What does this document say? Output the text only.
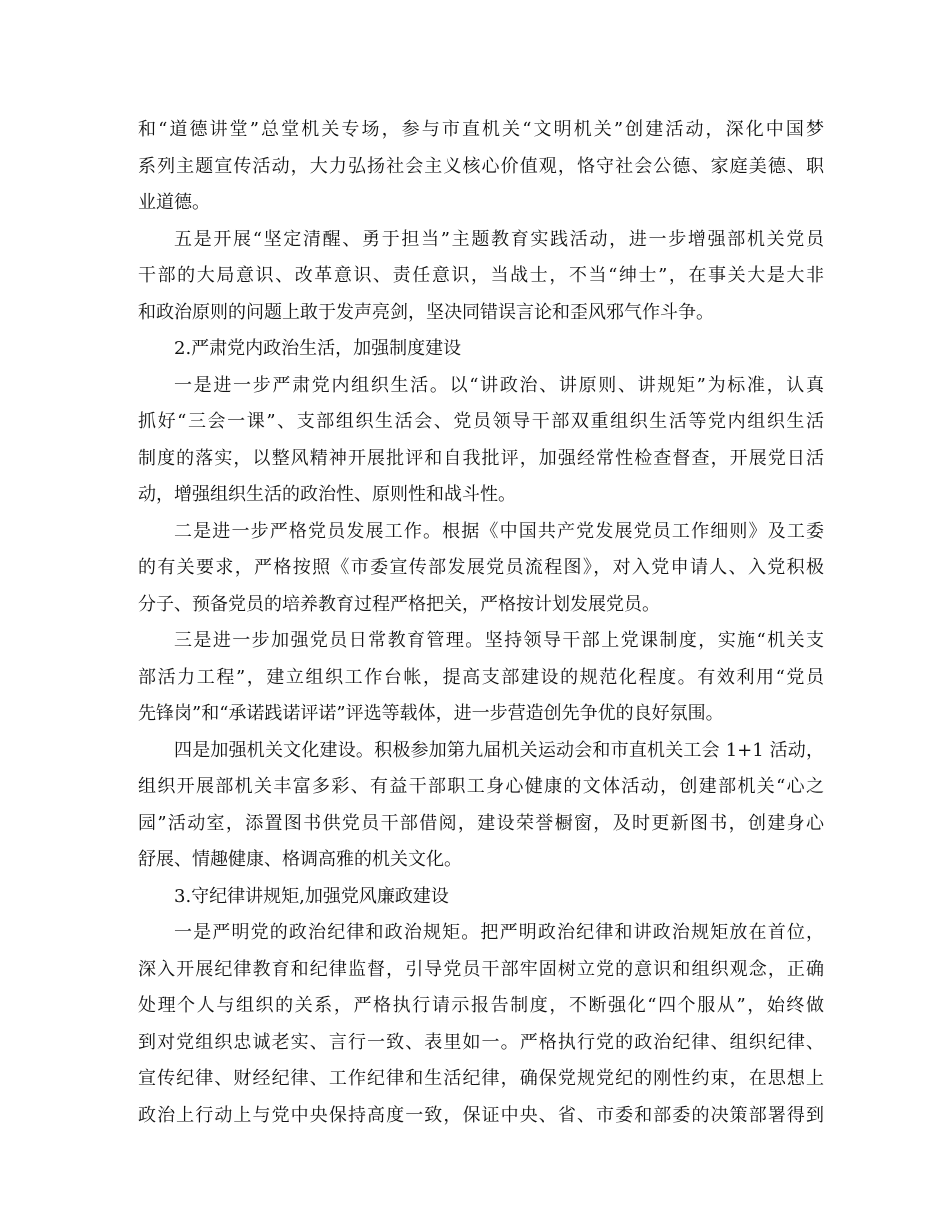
和“道德讲堂”总堂机关专场，参与市直机关“文明机关”创建活动，深化中国梦
系列主题宣传活动，大力弘扬社会主义核心价值观，恪守社会公德、家庭美德、职
业道德。
五是开展“坚定清醒、勇于担当”主题教育实践活动，进一步增强部机关党员
干部的大局意识、改革意识、责任意识，当战士，不当“绅士”，在事关大是大非
和政治原则的问题上敢于发声亮剑，坚决同错误言论和歪风邪气作斗争。
2.严肃党内政治生活，加强制度建设
一是进一步严肃党内组织生活。以“讲政治、讲原则、讲规矩”为标准，认真
抓好“三会一课”、支部组织生活会、党员领导干部双重组织生活等党内组织生活
制度的落实，以整风精神开展批评和自我批评，加强经常性检查督查，开展党日活
动，增强组织生活的政治性、原则性和战斗性。
二是进一步严格党员发展工作。根据《中国共产党发展党员工作细则》及工委
的有关要求，严格按照《市委宣传部发展党员流程图》，对入党申请人、入党积极
分子、预备党员的培养教育过程严格把关，严格按计划发展党员。
三是进一步加强党员日常教育管理。坚持领导干部上党课制度，实施“机关支
部活力工程”，建立组织工作台帐，提高支部建设的规范化程度。有效利用“党员
先锋岗”和“承诺践诺评诺”评选等载体，进一步营造创先争优的良好氛围。
四是加强机关文化建设。积极参加第九届机关运动会和市直机关工会 1+1 活动，
组织开展部机关丰富多彩、有益干部职工身心健康的文体活动，创建部机关“心之
园”活动室，添置图书供党员干部借阅，建设荣誉橱窗，及时更新图书，创建身心
舒展、情趣健康、格调高雅的机关文化。
3.守纪律讲规矩,加强党风廉政建设
一是严明党的政治纪律和政治规矩。把严明政治纪律和讲政治规矩放在首位，
深入开展纪律教育和纪律监督，引导党员干部牢固树立党的意识和组织观念，正确
处理个人与组织的关系，严格执行请示报告制度，不断强化“四个服从”，始终做
到对党组织忠诚老实、言行一致、表里如一。严格执行党的政治纪律、组织纪律、
宣传纪律、财经纪律、工作纪律和生活纪律，确保党规党纪的刚性约束，在思想上
政治上行动上与党中央保持高度一致，保证中央、省、市委和部委的决策部署得到
